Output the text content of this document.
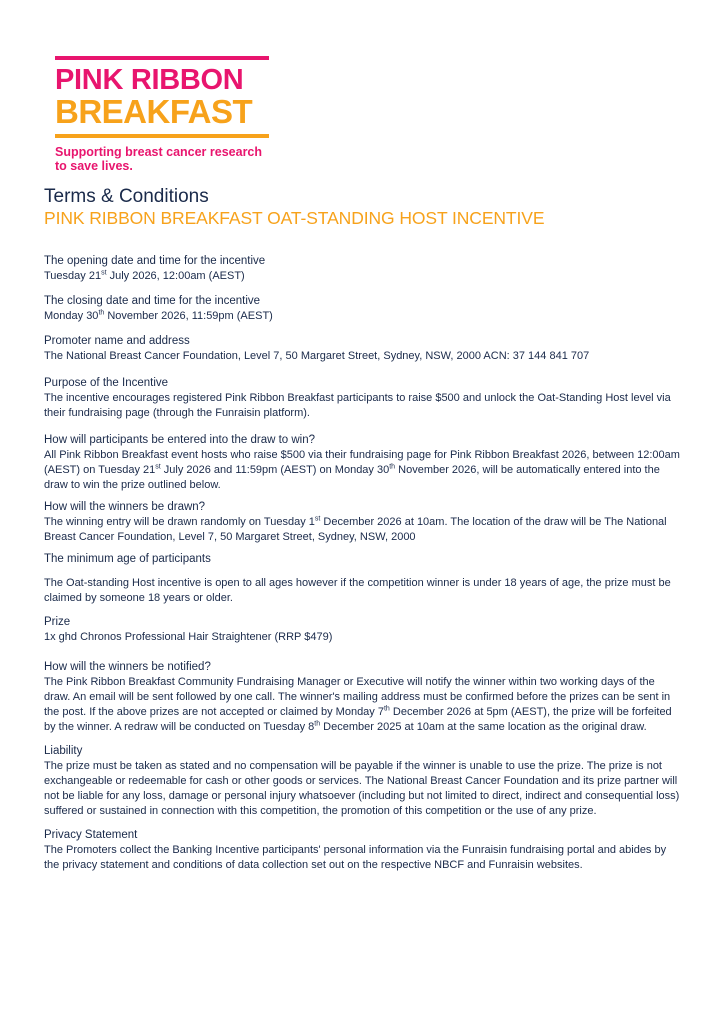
PINK RIBBON
BREAKFAST
Supporting breast cancer research to save lives.
Terms & Conditions
PINK RIBBON BREAKFAST OAT-STANDING HOST INCENTIVE
The opening date and time for the incentive

Tuesday 21st July 2026, 12:00am (AEST)

The closing date and time for the incentive

Monday 30th November 2026, 11:59pm (AEST)

Promoter name and address

The National Breast Cancer Foundation, Level 7, 50 Margaret Street, Sydney, NSW, 2000 ACN: 37 144 841 707

Purpose of the Incentive

The incentive encourages registered Pink Ribbon Breakfast participants to raise $500 and unlock the Oat-Standing Host level via their fundraising page (through the Funraisin platform).

How will participants be entered into the draw to win?

All Pink Ribbon Breakfast event hosts who raise $500 via their fundraising page for Pink Ribbon Breakfast 2026, between 12:00am (AEST) on Tuesday 21st July 2026 and 11:59pm (AEST) on Monday 30th November 2026, will be automatically entered into the draw to win the prize outlined below.

How will the winners be drawn?

The winning entry will be drawn randomly on Tuesday 1st December 2026 at 10am. The location of the draw will be The National Breast Cancer Foundation, Level 7, 50 Margaret Street, Sydney, NSW, 2000

The minimum age of participants

The Oat-standing Host incentive is open to all ages however if the competition winner is under 18 years of age, the prize must be claimed by someone 18 years or older.

Prize

1x ghd Chronos Professional Hair Straightener (RRP $479)

How will the winners be notified?

The Pink Ribbon Breakfast Community Fundraising Manager or Executive will notify the winner within two working days of the draw. An email will be sent followed by one call. The winner's mailing address must be confirmed before the prizes can be sent in the post. If the above prizes are not accepted or claimed by Monday 7th December 2026 at 5pm (AEST), the prize will be forfeited by the winner. A redraw will be conducted on Tuesday 8th December 2025 at 10am at the same location as the original draw.

Liability

The prize must be taken as stated and no compensation will be payable if the winner is unable to use the prize. The prize is not exchangeable or redeemable for cash or other goods or services. The National Breast Cancer Foundation and its prize partner will not be liable for any loss, damage or personal injury whatsoever (including but not limited to direct, indirect and consequential loss) suffered or sustained in connection with this competition, the promotion of this competition or the use of any prize.

Privacy Statement

The Promoters collect the Banking Incentive participants' personal information via the Funraisin fundraising portal and abides by the privacy statement and conditions of data collection set out on the respective NBCF and Funraisin websites.
